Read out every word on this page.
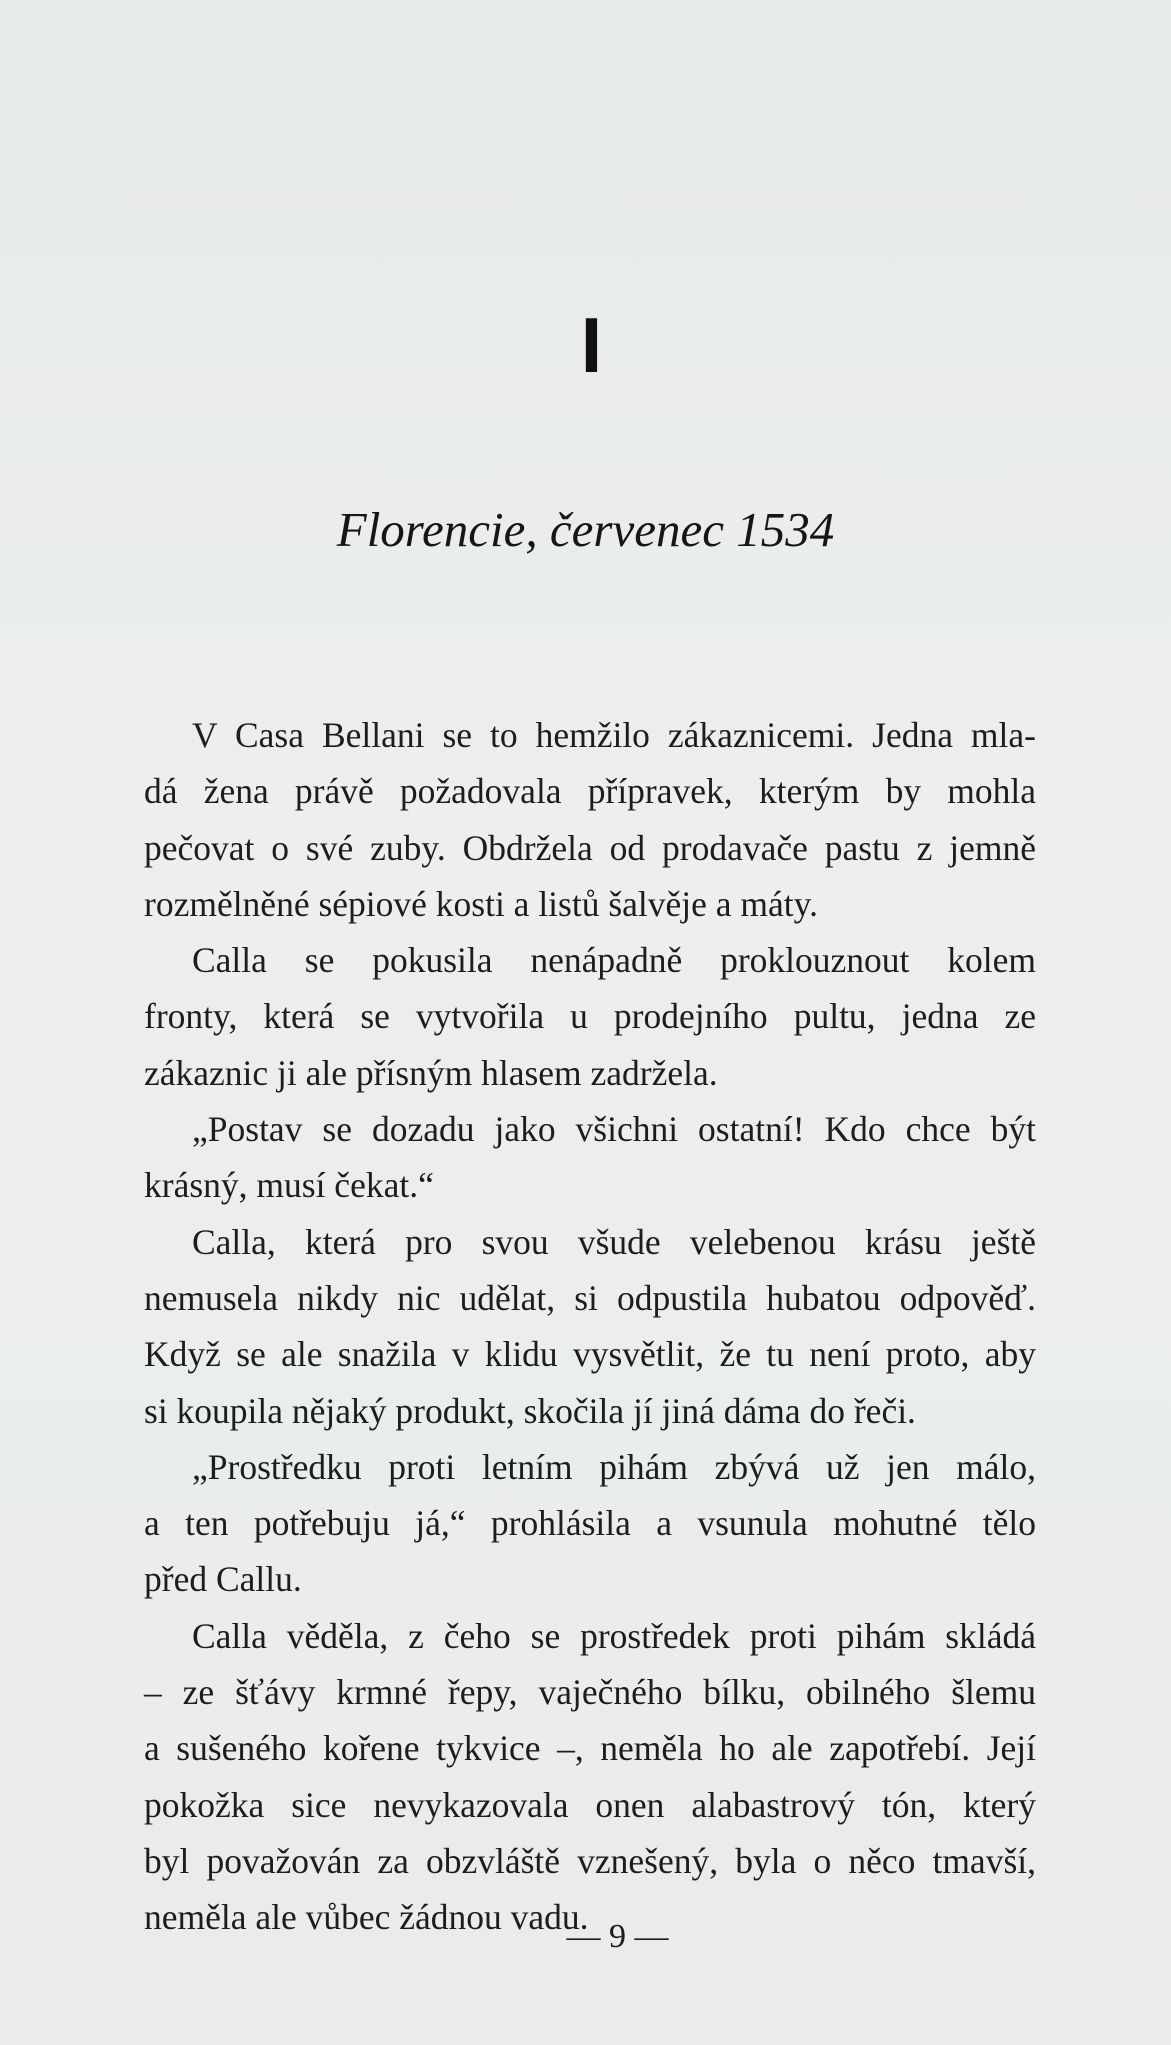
I
Florencie, červenec 1534
V Casa Bellani se to hemžilo zákaznicemi. Jedna mla-
dá žena právě požadovala přípravek, kterým by mohla
pečovat o své zuby. Obdržela od prodavače pastu z jemně
rozmělněné sépiové kosti a listů šalvěje a máty.
Calla se pokusila nenápadně proklouznout kolem
fronty, která se vytvořila u prodejního pultu, jedna ze
zákaznic ji ale přísným hlasem zadržela.
„Postav se dozadu jako všichni ostatní! Kdo chce být
krásný, musí čekat.“
Calla, která pro svou všude velebenou krásu ještě
nemusela nikdy nic udělat, si odpustila hubatou odpověď.
Když se ale snažila v klidu vysvětlit, že tu není proto, aby
si koupila nějaký produkt, skočila jí jiná dáma do řeči.
„Prostředku proti letním pihám zbývá už jen málo,
a ten potřebuju já,“ prohlásila a vsunula mohutné tělo
před Callu.
Calla věděla, z čeho se prostředek proti pihám skládá
– ze šťávy krmné řepy, vaječného bílku, obilného šlemu
a sušeného kořene tykvice –, neměla ho ale zapotřebí. Její
pokožka sice nevykazovala onen alabastrový tón, který
byl považován za obzvláště vznešený, byla o něco tmavší,
neměla ale vůbec žádnou vadu.
— 9 —
